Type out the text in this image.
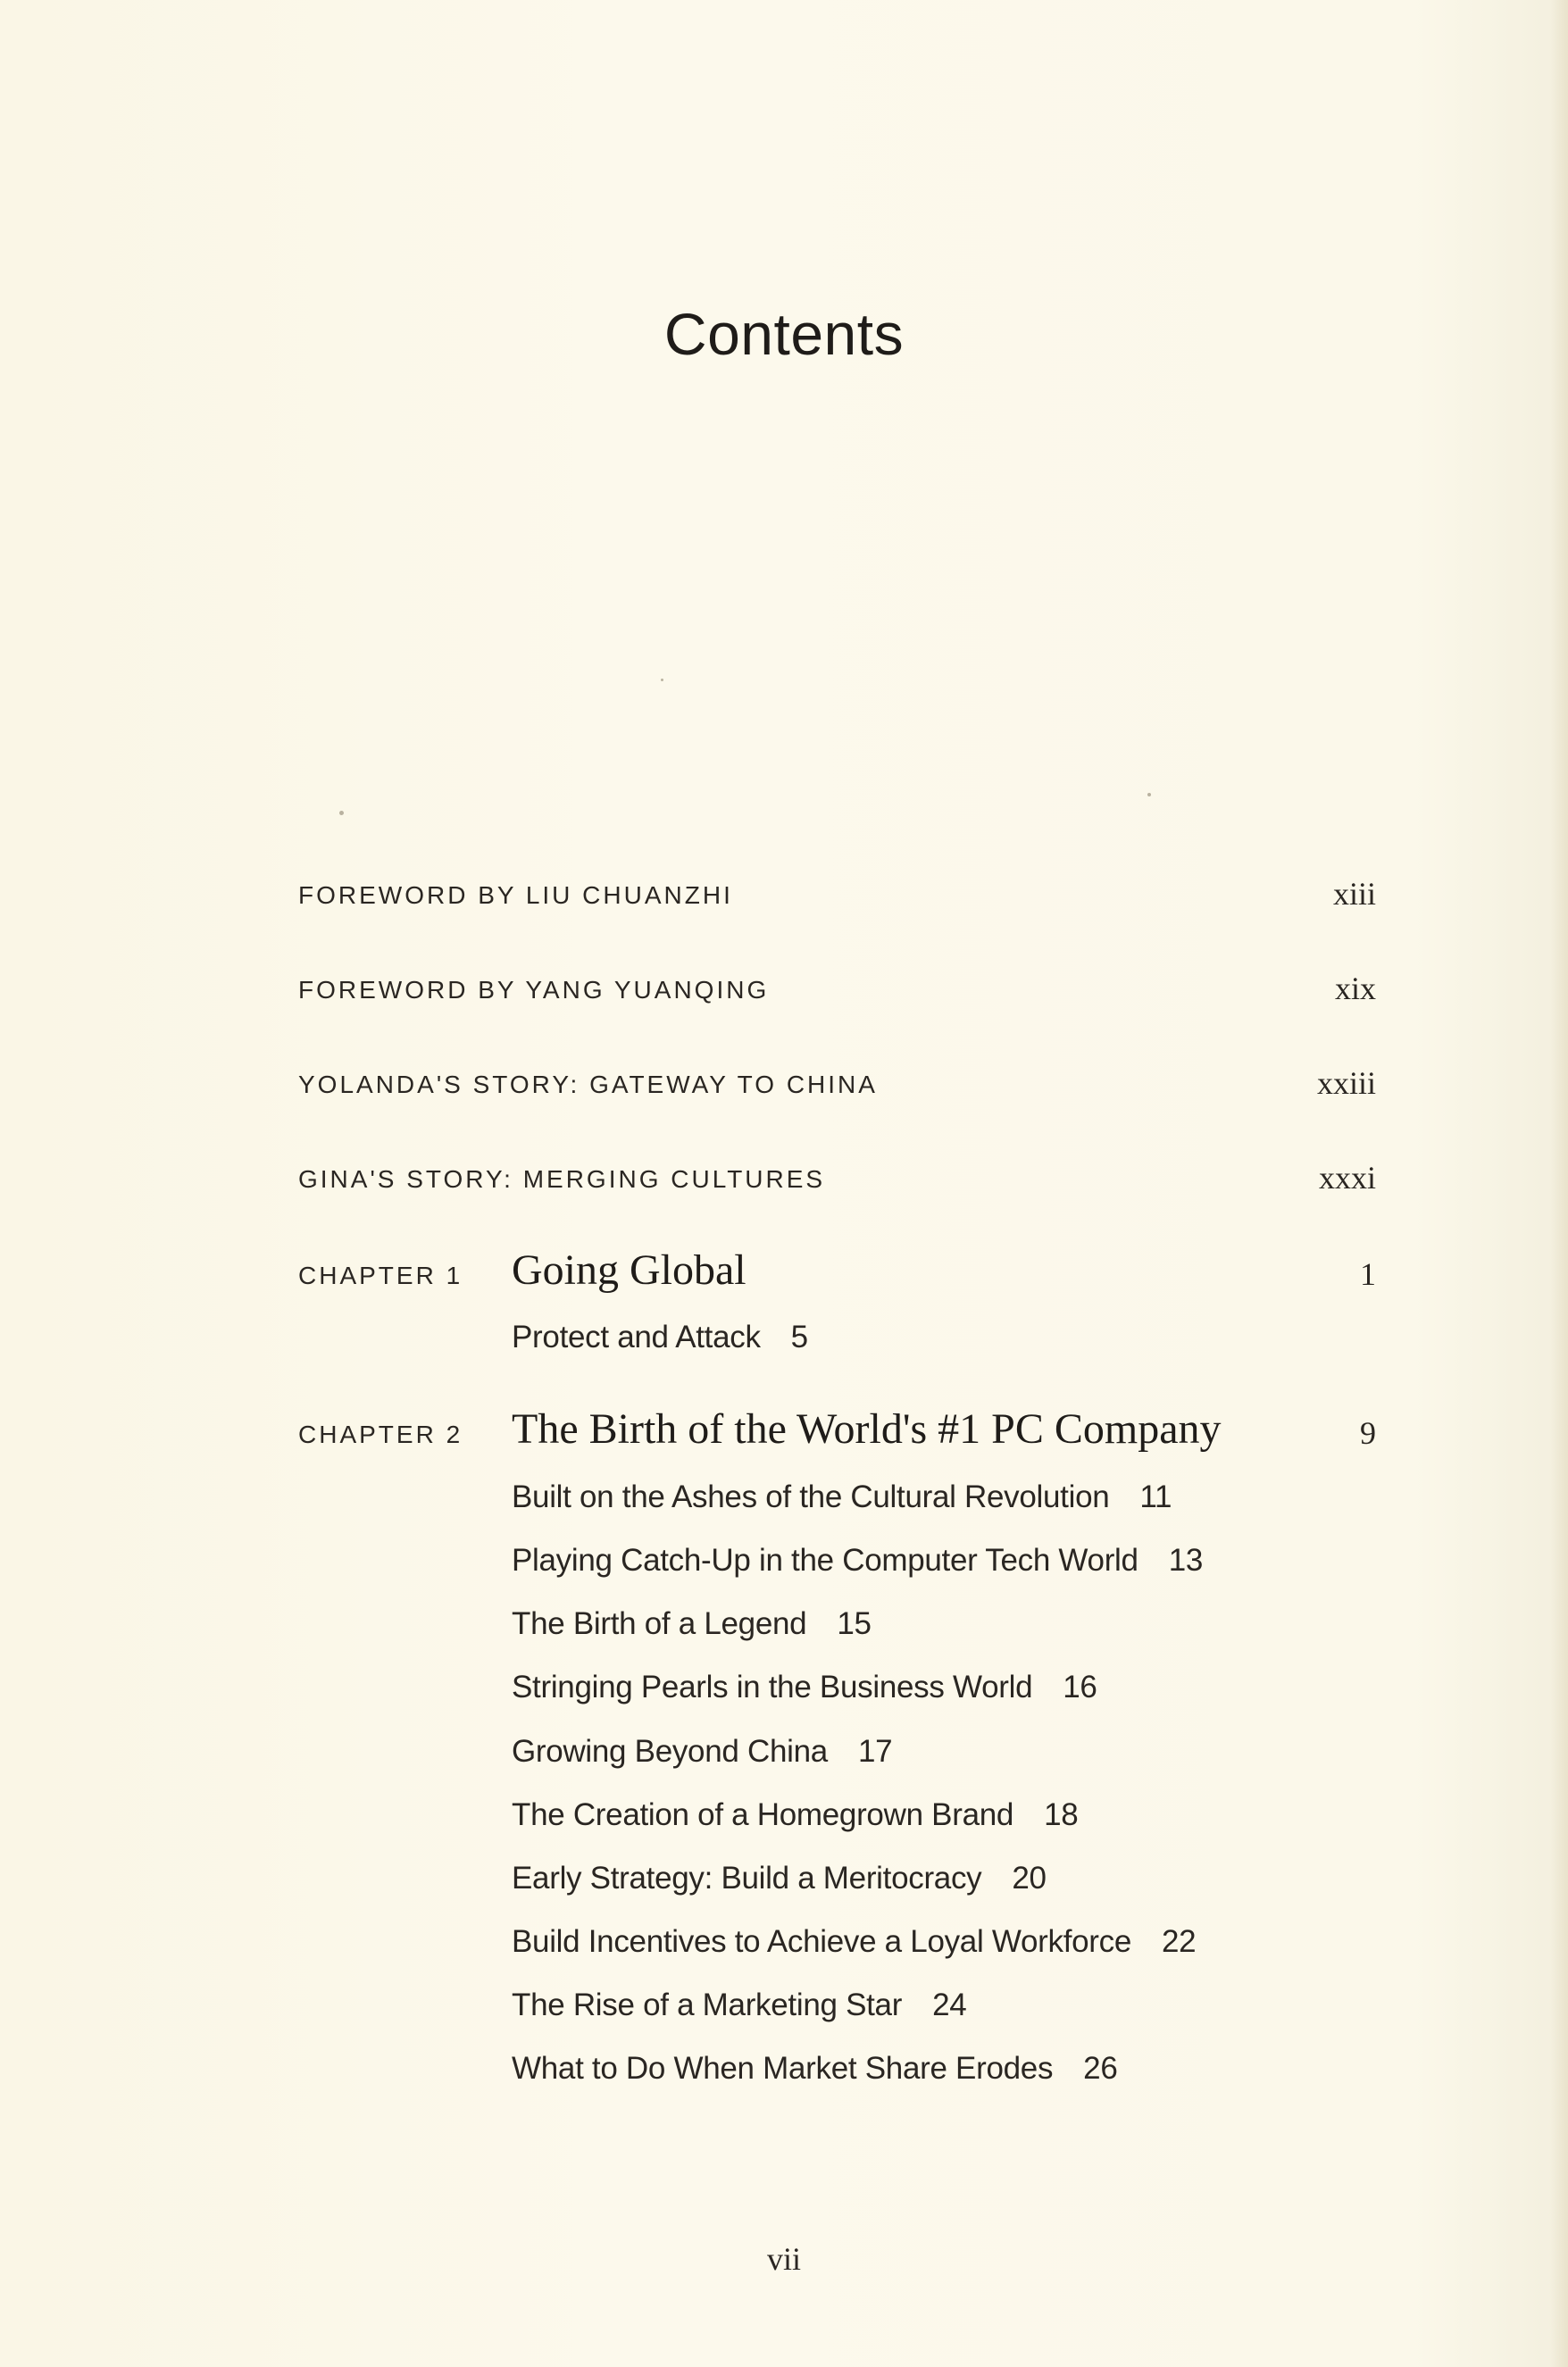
Contents
FOREWORD BY LIU CHUANZHI	xiii
FOREWORD BY YANG YUANQING	xix
YOLANDA'S STORY: GATEWAY TO CHINA	xxiii
GINA'S STORY: MERGING CULTURES	xxxi
CHAPTER 1 Going Global	1
Protect and Attack 5
CHAPTER 2 The Birth of the World's #1 PC Company	9
Built on the Ashes of the Cultural Revolution 11
Playing Catch-Up in the Computer Tech World 13
The Birth of a Legend 15
Stringing Pearls in the Business World 16
Growing Beyond China 17
The Creation of a Homegrown Brand 18
Early Strategy: Build a Meritocracy 20
Build Incentives to Achieve a Loyal Workforce 22
The Rise of a Marketing Star 24
What to Do When Market Share Erodes 26
vii
